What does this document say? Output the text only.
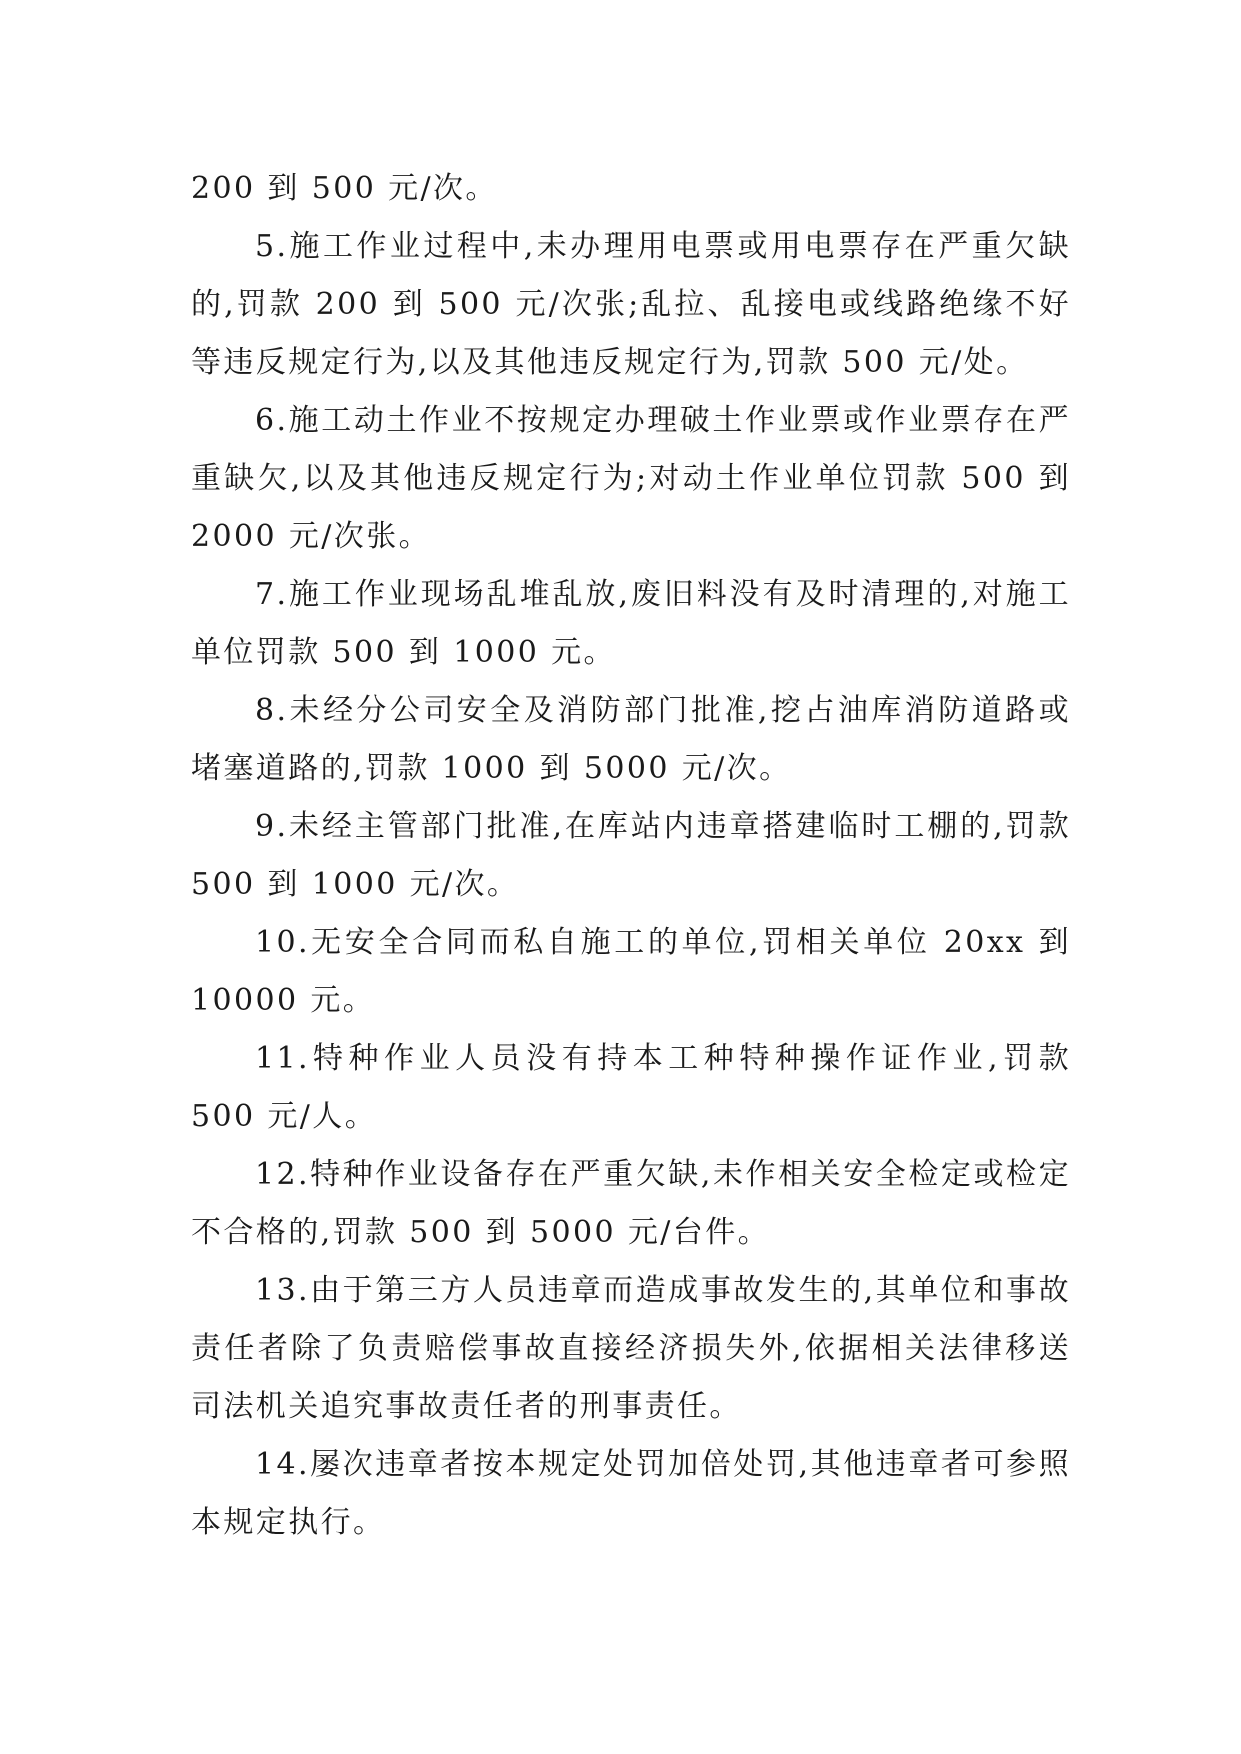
200 到 500 元/次。

5.施工作业过程中,未办理用电票或用电票存在严重欠缺的,罚款 200 到 500 元/次张;乱拉、乱接电或线路绝缘不好等违反规定行为,以及其他违反规定行为,罚款 500 元/处。

6.施工动土作业不按规定办理破土作业票或作业票存在严重缺欠,以及其他违反规定行为;对动土作业单位罚款 500 到 2000 元/次张。

7.施工作业现场乱堆乱放,废旧料没有及时清理的,对施工单位罚款 500 到 1000 元。

8.未经分公司安全及消防部门批准,挖占油库消防道路或堵塞道路的,罚款 1000 到 5000 元/次。

9.未经主管部门批准,在库站内违章搭建临时工棚的,罚款 500 到 1000 元/次。

10.无安全合同而私自施工的单位,罚相关单位 20xx 到 10000 元。

11.特种作业人员没有持本工种特种操作证作业,罚款 500 元/人。

12.特种作业设备存在严重欠缺,未作相关安全检定或检定不合格的,罚款 500 到 5000 元/台件。

13.由于第三方人员违章而造成事故发生的,其单位和事故责任者除了负责赔偿事故直接经济损失外,依据相关法律移送司法机关追究事故责任者的刑事责任。

14.屡次违章者按本规定处罚加倍处罚,其他违章者可参照本规定执行。
